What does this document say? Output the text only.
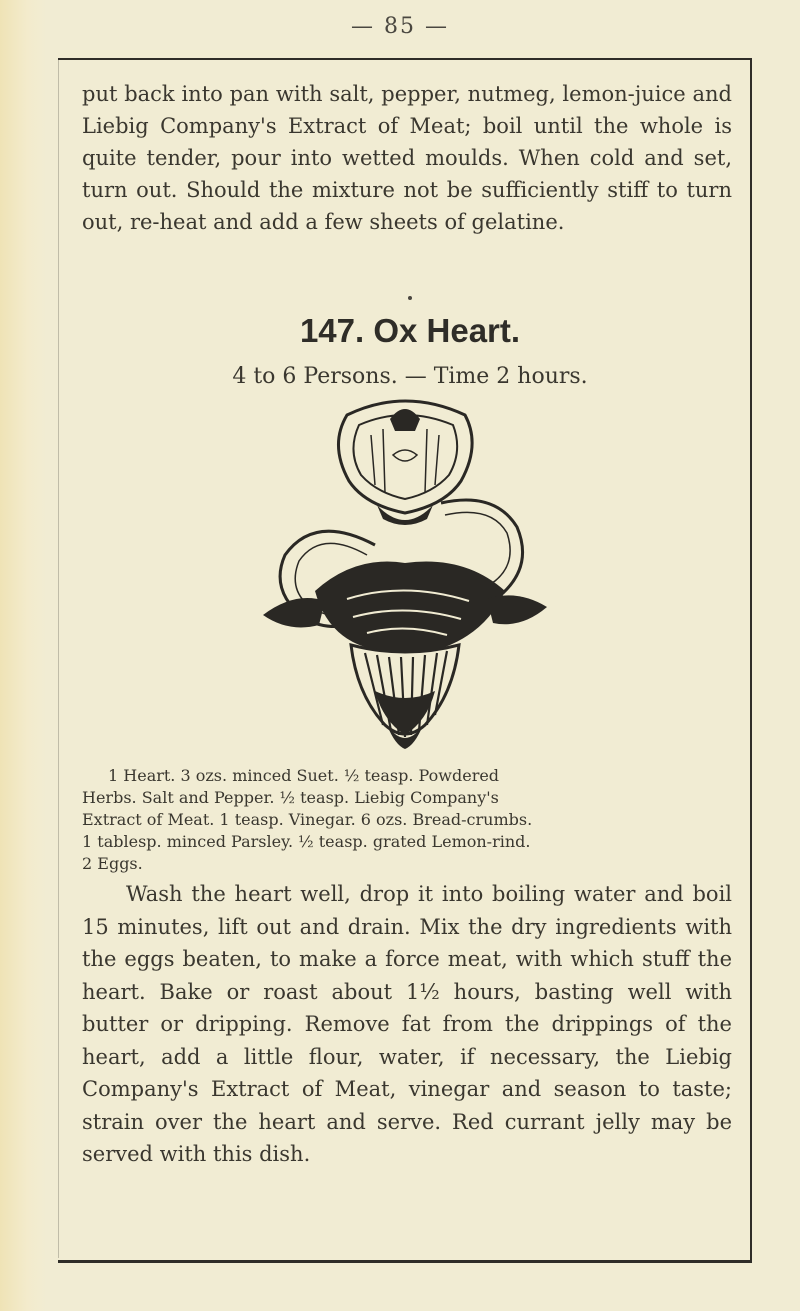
— 85 —

put back into pan with salt, pepper, nutmeg, lemon-juice and Liebig Company's Extract of Meat; boil until the whole is quite tender, pour into wetted moulds. When cold and set, turn out. Should the mixture not be sufficiently stiff to turn out, re-heat and add a few sheets of gelatine.

147. Ox Heart.

4 to 6 Persons. — Time 2 hours.

1 Heart. 3 ozs. minced Suet. ½ teasp. Powdered
Herbs. Salt and Pepper. ½ teasp. Liebig Company's
Extract of Meat. 1 teasp. Vinegar. 6 ozs. Bread-crumbs.
1 tablesp. minced Parsley. ½ teasp. grated Lemon-rind.
2 Eggs.

Wash the heart well, drop it into boiling water and boil 15 minutes, lift out and drain. Mix the dry ingredients with the eggs beaten, to make a force meat, with which stuff the heart. Bake or roast about 1½ hours, basting well with butter or dripping. Remove fat from the drippings of the heart, add a little flour, water, if necessary, the Liebig Company's Extract of Meat, vinegar and season to taste; strain over the heart and serve. Red currant jelly may be served with this dish.
